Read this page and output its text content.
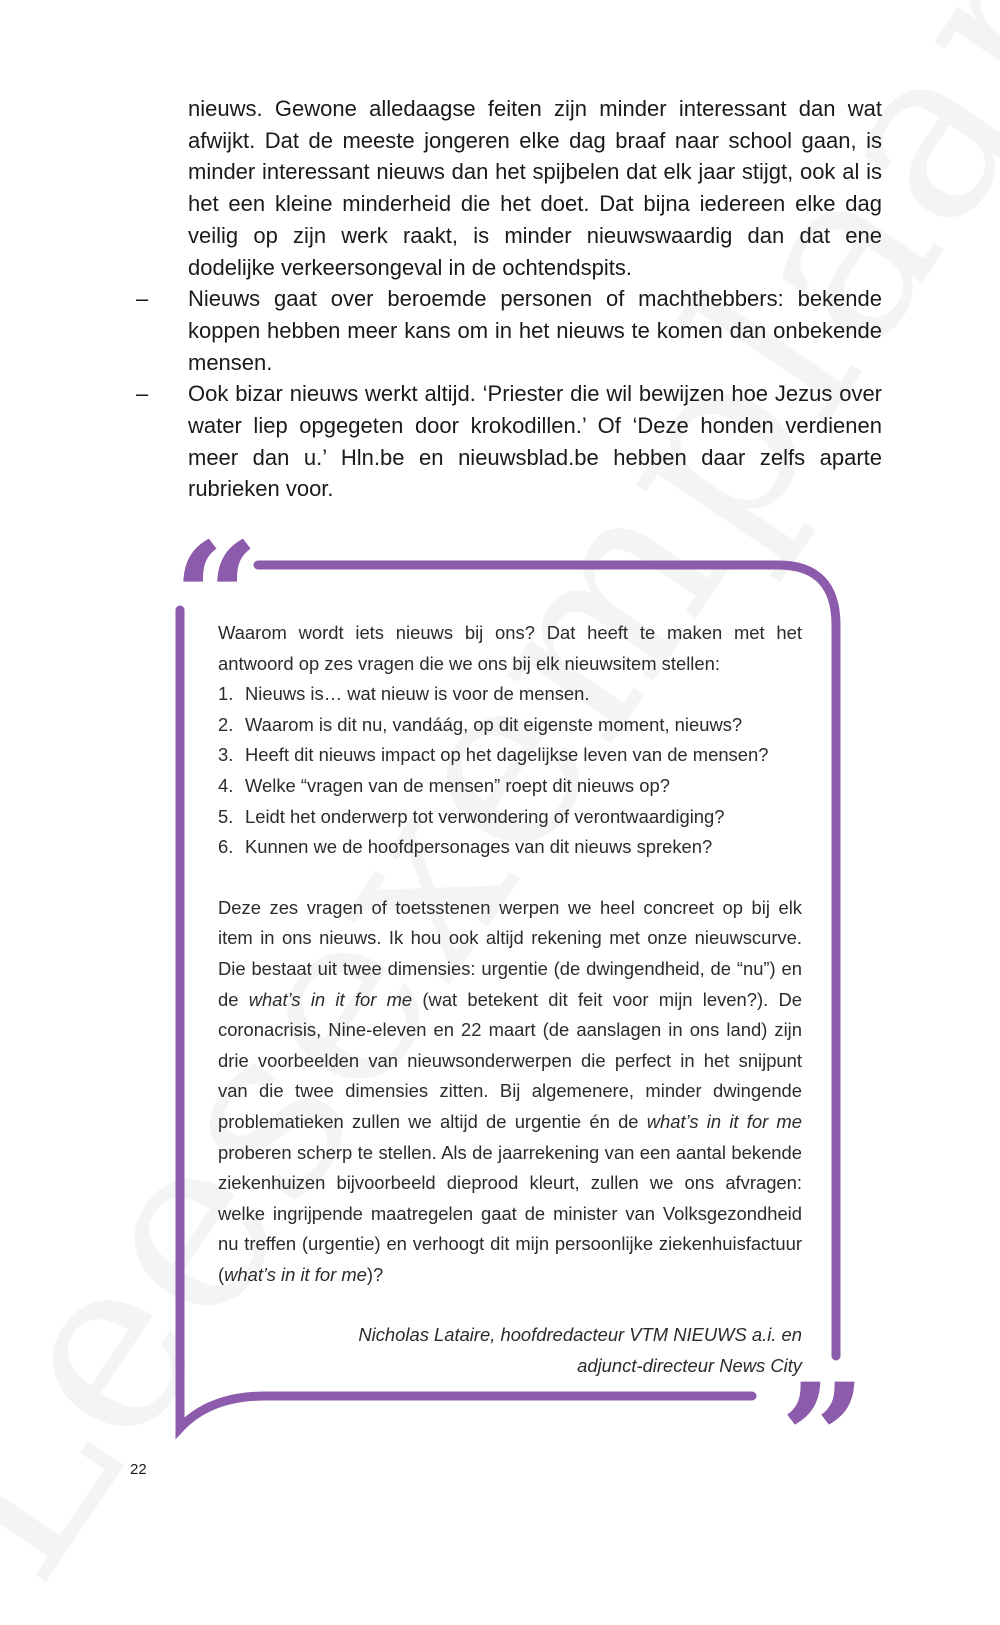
nieuws. Gewone alledaagse feiten zijn minder interessant dan wat afwijkt. Dat de meeste jongeren elke dag braaf naar school gaan, is minder interessant nieuws dan het spijbelen dat elk jaar stijgt, ook al is het een kleine minderheid die het doet. Dat bijna iedereen elke dag veilig op zijn werk raakt, is minder nieuwswaardig dan dat ene dodelijke verkeersongeval in de ochtendspits.

– Nieuws gaat over beroemde personen of machthebbers: bekende koppen hebben meer kans om in het nieuws te komen dan onbekende mensen.

– Ook bizar nieuws werkt altijd. ‘Priester die wil bewijzen hoe Jezus over water liep opgegeten door krokodillen.’ Of ‘Deze honden verdienen meer dan u.’ Hln.be en nieuwsblad.be hebben daar zelfs aparte rubrieken voor.

“
”

Waarom wordt iets nieuws bij ons? Dat heeft te maken met het antwoord op zes vragen die we ons bij elk nieuwsitem stellen:

1. Nieuws is… wat nieuw is voor de mensen.
2. Waarom is dit nu, vandáág, op dit eigenste moment, nieuws?
3. Heeft dit nieuws impact op het dagelijkse leven van de mensen?
4. Welke “vragen van de mensen” roept dit nieuws op?
5. Leidt het onderwerp tot verwondering of verontwaardiging?
6. Kunnen we de hoofdpersonages van dit nieuws spreken?

Deze zes vragen of toetsstenen werpen we heel concreet op bij elk item in ons nieuws. Ik hou ook altijd rekening met onze nieuwscurve. Die bestaat uit twee dimensies: urgentie (de dwingendheid, de “nu”) en de what’s in it for me (wat betekent dit feit voor mijn leven?). De coronacrisis, Nine-eleven en 22 maart (de aanslagen in ons land) zijn drie voorbeelden van nieuwsonderwerpen die perfect in het snijpunt van die twee dimensies zitten. Bij algemenere, minder dwingende problematieken zullen we altijd de urgentie én de what’s in it for me proberen scherp te stellen. Als de jaarrekening van een aantal bekende ziekenhuizen bijvoorbeeld dieprood kleurt, zullen we ons afvragen: welke ingrijpende maatregelen gaat de minister van Volksgezondheid nu treffen (urgentie) en verhoogt dit mijn persoonlijke ziekenhuisfactuur (what’s in it for me)?

Nicholas Lataire, hoofdredacteur VTM NIEUWS a.i. en
adjunct-directeur News City
22
